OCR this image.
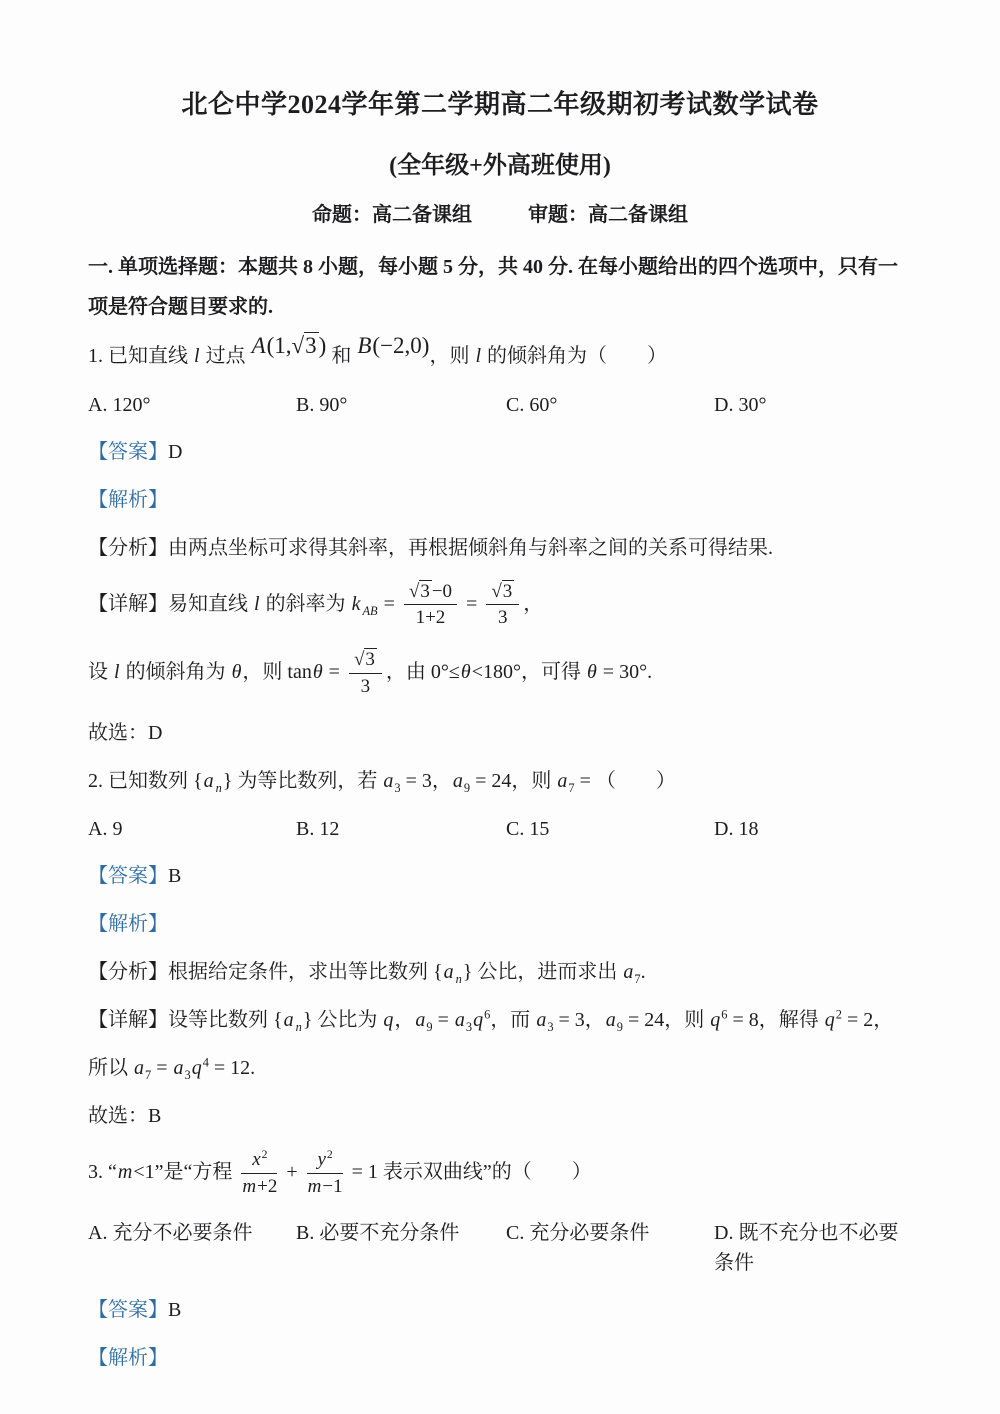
北仑中学2024学年第二学期高二年级期初考试数学试卷
(全年级+外高班使用)
命题：高二备课组	审题：高二备课组
一. 单项选择题：本题共 8 小题，每小题 5 分，共 40 分. 在每小题给出的四个选项中，只有一项是符合题目要求的.
1. 已知直线 l 过点 A(1,√3) 和 B(−2,0)，则 l 的倾斜角为（　　）
A. 120°	B. 90°	C. 60°	D. 30°
【答案】D
【解析】
【分析】由两点坐标可求得其斜率，再根据倾斜角与斜率之间的关系可得结果.
【详解】易知直线 l 的斜率为 k $_{AB} = \frac{√3 -0}{1+2} = \frac{√3}{3}$ ，
设 l 的倾斜角为 θ，则 $\tan\theta = \frac{√3}{3}$ ，由 0°≤θ<180°，可得 θ = 30°.
故选：D
2. 已知数列 {a $_n$} 为等比数列，若 $a_3 = 3$，$a_9 = 24$，则 $a_7$ = （　　）
A. 9	B. 12	C. 15	D. 18
【答案】B
【解析】
【分析】根据给定条件，求出等比数列 {a $_n$} 公比，进而求出 $a_7$.
【详解】设等比数列 {a $_n$} 公比为 q，$a_9 = a_3q^6$，而 $a_3 = 3$，$a_9 = 24$，则 $q^6 = 8$，解得 $q^2 = 2$，
所以 $a_7 = a_3q^4 = 12$.
故选：B
3. “m<1”是“方程 $\frac{x^2}{m+2} + \frac{y^2}{m-1} = 1$ 表示双曲线”的（　　）
A. 充分不必要条件	B. 必要不充分条件	C. 充分必要条件	D. 既不充分也不必要条件
【答案】B
【解析】
